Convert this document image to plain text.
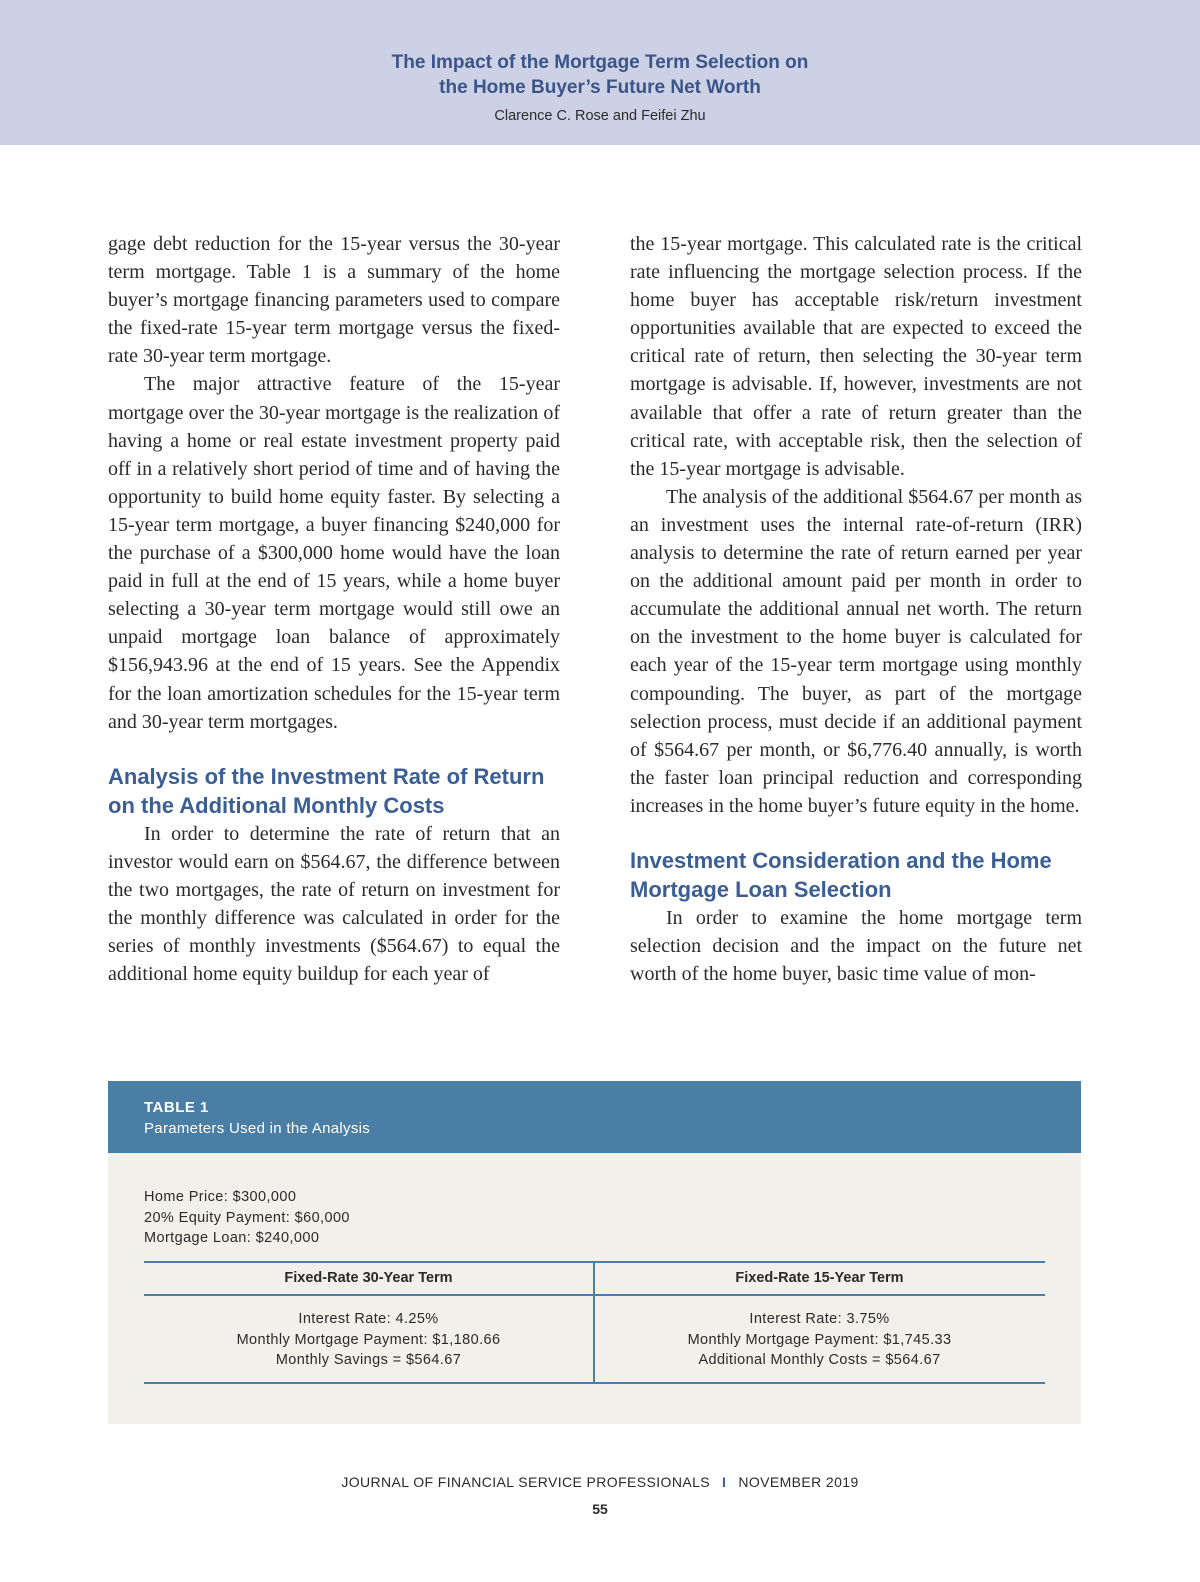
The Impact of the Mortgage Term Selection on
the Home Buyer’s Future Net Worth
Clarence C. Rose and Feifei Zhu

gage debt reduction for the 15-year versus the 30-year term mortgage. Table 1 is a summary of the home buyer’s mortgage financing parameters used to compare the fixed-rate 15-year term mortgage versus the fixed-rate 30-year term mortgage.

The major attractive feature of the 15-year mortgage over the 30-year mortgage is the realization of having a home or real estate investment property paid off in a relatively short period of time and of having the opportunity to build home equity faster. By selecting a 15-year term mortgage, a buyer financing $240,000 for the purchase of a $300,000 home would have the loan paid in full at the end of 15 years, while a home buyer selecting a 30-year term mortgage would still owe an unpaid mortgage loan balance of approximately $156,943.96 at the end of 15 years. See the Appendix for the loan amortization schedules for the 15-year term and 30-year term mortgages.

Analysis of the Investment Rate of Return on the Additional Monthly Costs

In order to determine the rate of return that an investor would earn on $564.67, the difference between the two mortgages, the rate of return on investment for the monthly difference was calculated in order for the series of monthly investments ($564.67) to equal the additional home equity buildup for each year of

the 15-year mortgage. This calculated rate is the critical rate influencing the mortgage selection process. If the home buyer has acceptable risk/return investment opportunities available that are expected to exceed the critical rate of return, then selecting the 30-year term mortgage is advisable. If, however, investments are not available that offer a rate of return greater than the critical rate, with acceptable risk, then the selection of the 15-year mortgage is advisable.

The analysis of the additional $564.67 per month as an investment uses the internal rate-of-return (IRR) analysis to determine the rate of return earned per year on the additional amount paid per month in order to accumulate the additional annual net worth. The return on the investment to the home buyer is calculated for each year of the 15-year term mortgage using monthly compounding. The buyer, as part of the mortgage selection process, must decide if an additional payment of $564.67 per month, or $6,776.40 annually, is worth the faster loan principal reduction and corresponding increases in the home buyer’s future equity in the home.

Investment Consideration and the Home Mortgage Loan Selection

In order to examine the home mortgage term selection decision and the impact on the future net worth of the home buyer, basic time value of mon-

TABLE 1
Parameters Used in the Analysis
Home Price: $300,000
20% Equity Payment: $60,000
Mortgage Loan: $240,000
Fixed-Rate 30-Year Term	Fixed-Rate 15-Year Term
Interest Rate: 4.25%
Monthly Mortgage Payment: $1,180.66
Monthly Savings = $564.67
Interest Rate: 3.75%
Monthly Mortgage Payment: $1,745.33
Additional Monthly Costs = $564.67
JOURNAL OF FINANCIAL SERVICE PROFESSIONALS I NOVEMBER 2019
55
